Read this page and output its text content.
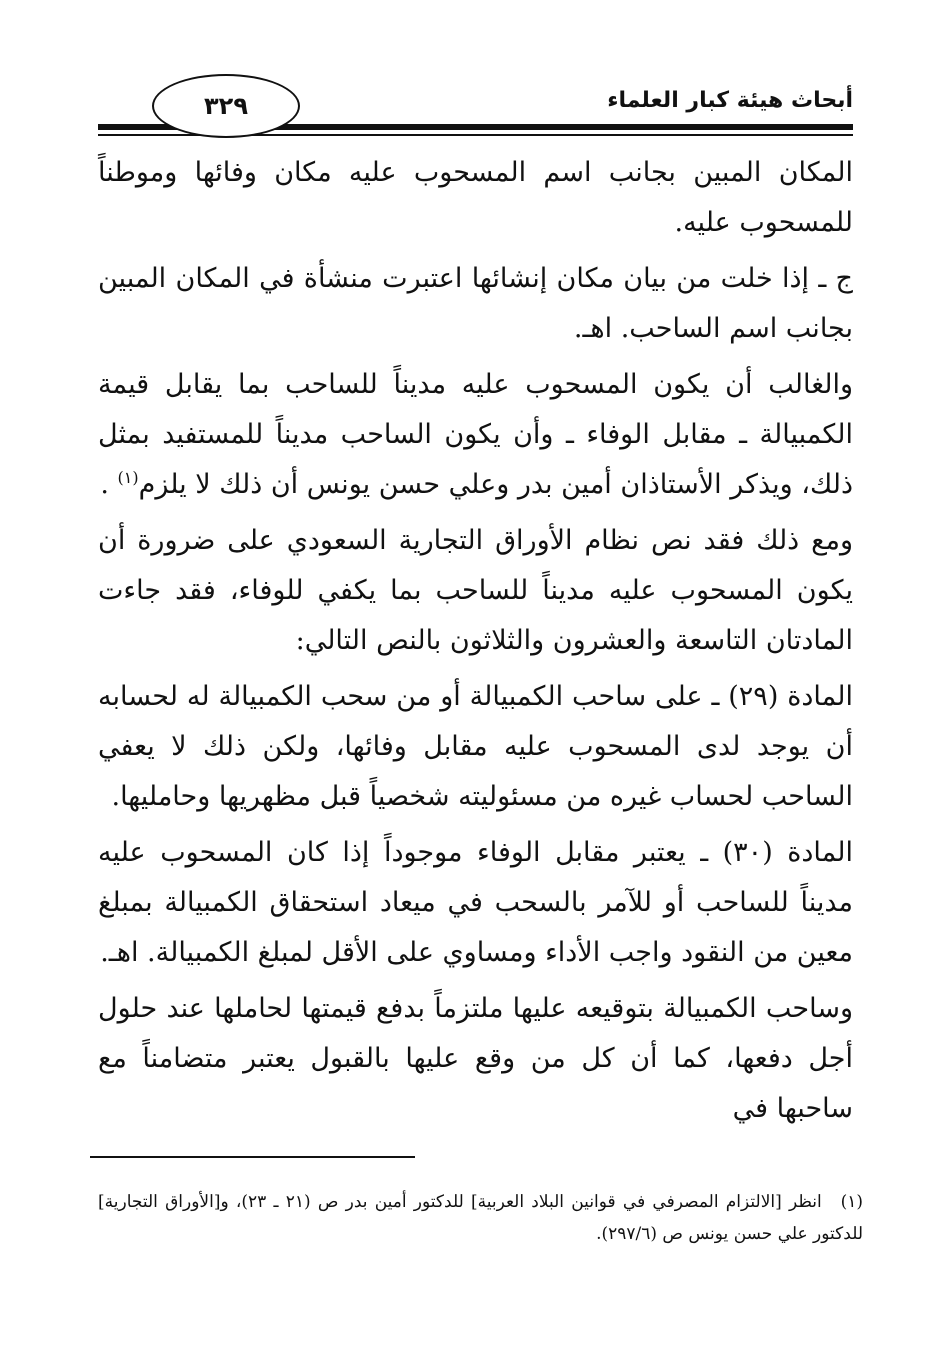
أبحاث هيئة كبار العلماء
٣٢٩

المكان المبين بجانب اسم المسحوب عليه مكان وفائها وموطناً للمسحوب عليه.

ج ـ إذا خلت من بيان مكان إنشائها اعتبرت منشأة في المكان المبين بجانب اسم الساحب. اهـ.

والغالب أن يكون المسحوب عليه مديناً للساحب بما يقابل قيمة الكمبيالة ـ مقابل الوفاء ـ وأن يكون الساحب مديناً للمستفيد بمثل ذلك، ويذكر الأستاذان أمين بدر وعلي حسن يونس أن ذلك لا يلزم$^{(١)}$ .

ومع ذلك فقد نص نظام الأوراق التجارية السعودي على ضرورة أن يكون المسحوب عليه مديناً للساحب بما يكفي للوفاء، فقد جاءت المادتان التاسعة والعشرون والثلاثون بالنص التالي:

المادة (٢٩) ـ على ساحب الكمبيالة أو من سحب الكمبيالة له لحسابه أن يوجد لدى المسحوب عليه مقابل وفائها، ولكن ذلك لا يعفي الساحب لحساب غيره من مسئوليته شخصياً قبل مظهريها وحامليها.

المادة (٣٠) ـ يعتبر مقابل الوفاء موجوداً إذا كان المسحوب عليه مديناً للساحب أو للآمر بالسحب في ميعاد استحقاق الكمبيالة بمبلغ معين من النقود واجب الأداء ومساوي على الأقل لمبلغ الكمبيالة. اهـ.

وساحب الكمبيالة بتوقيعه عليها ملتزماً بدفع قيمتها لحاملها عند حلول أجل دفعها، كما أن كل من وقع عليها بالقبول يعتبر متضامناً مع ساحبها في

(١) انظر [الالتزام المصرفي في قوانين البلاد العربية] للدكتور أمين بدر ص (٢١ ـ ٢٣)، و[الأوراق التجارية] للدكتور علي حسن يونس ص (٢٩٧/٦).
